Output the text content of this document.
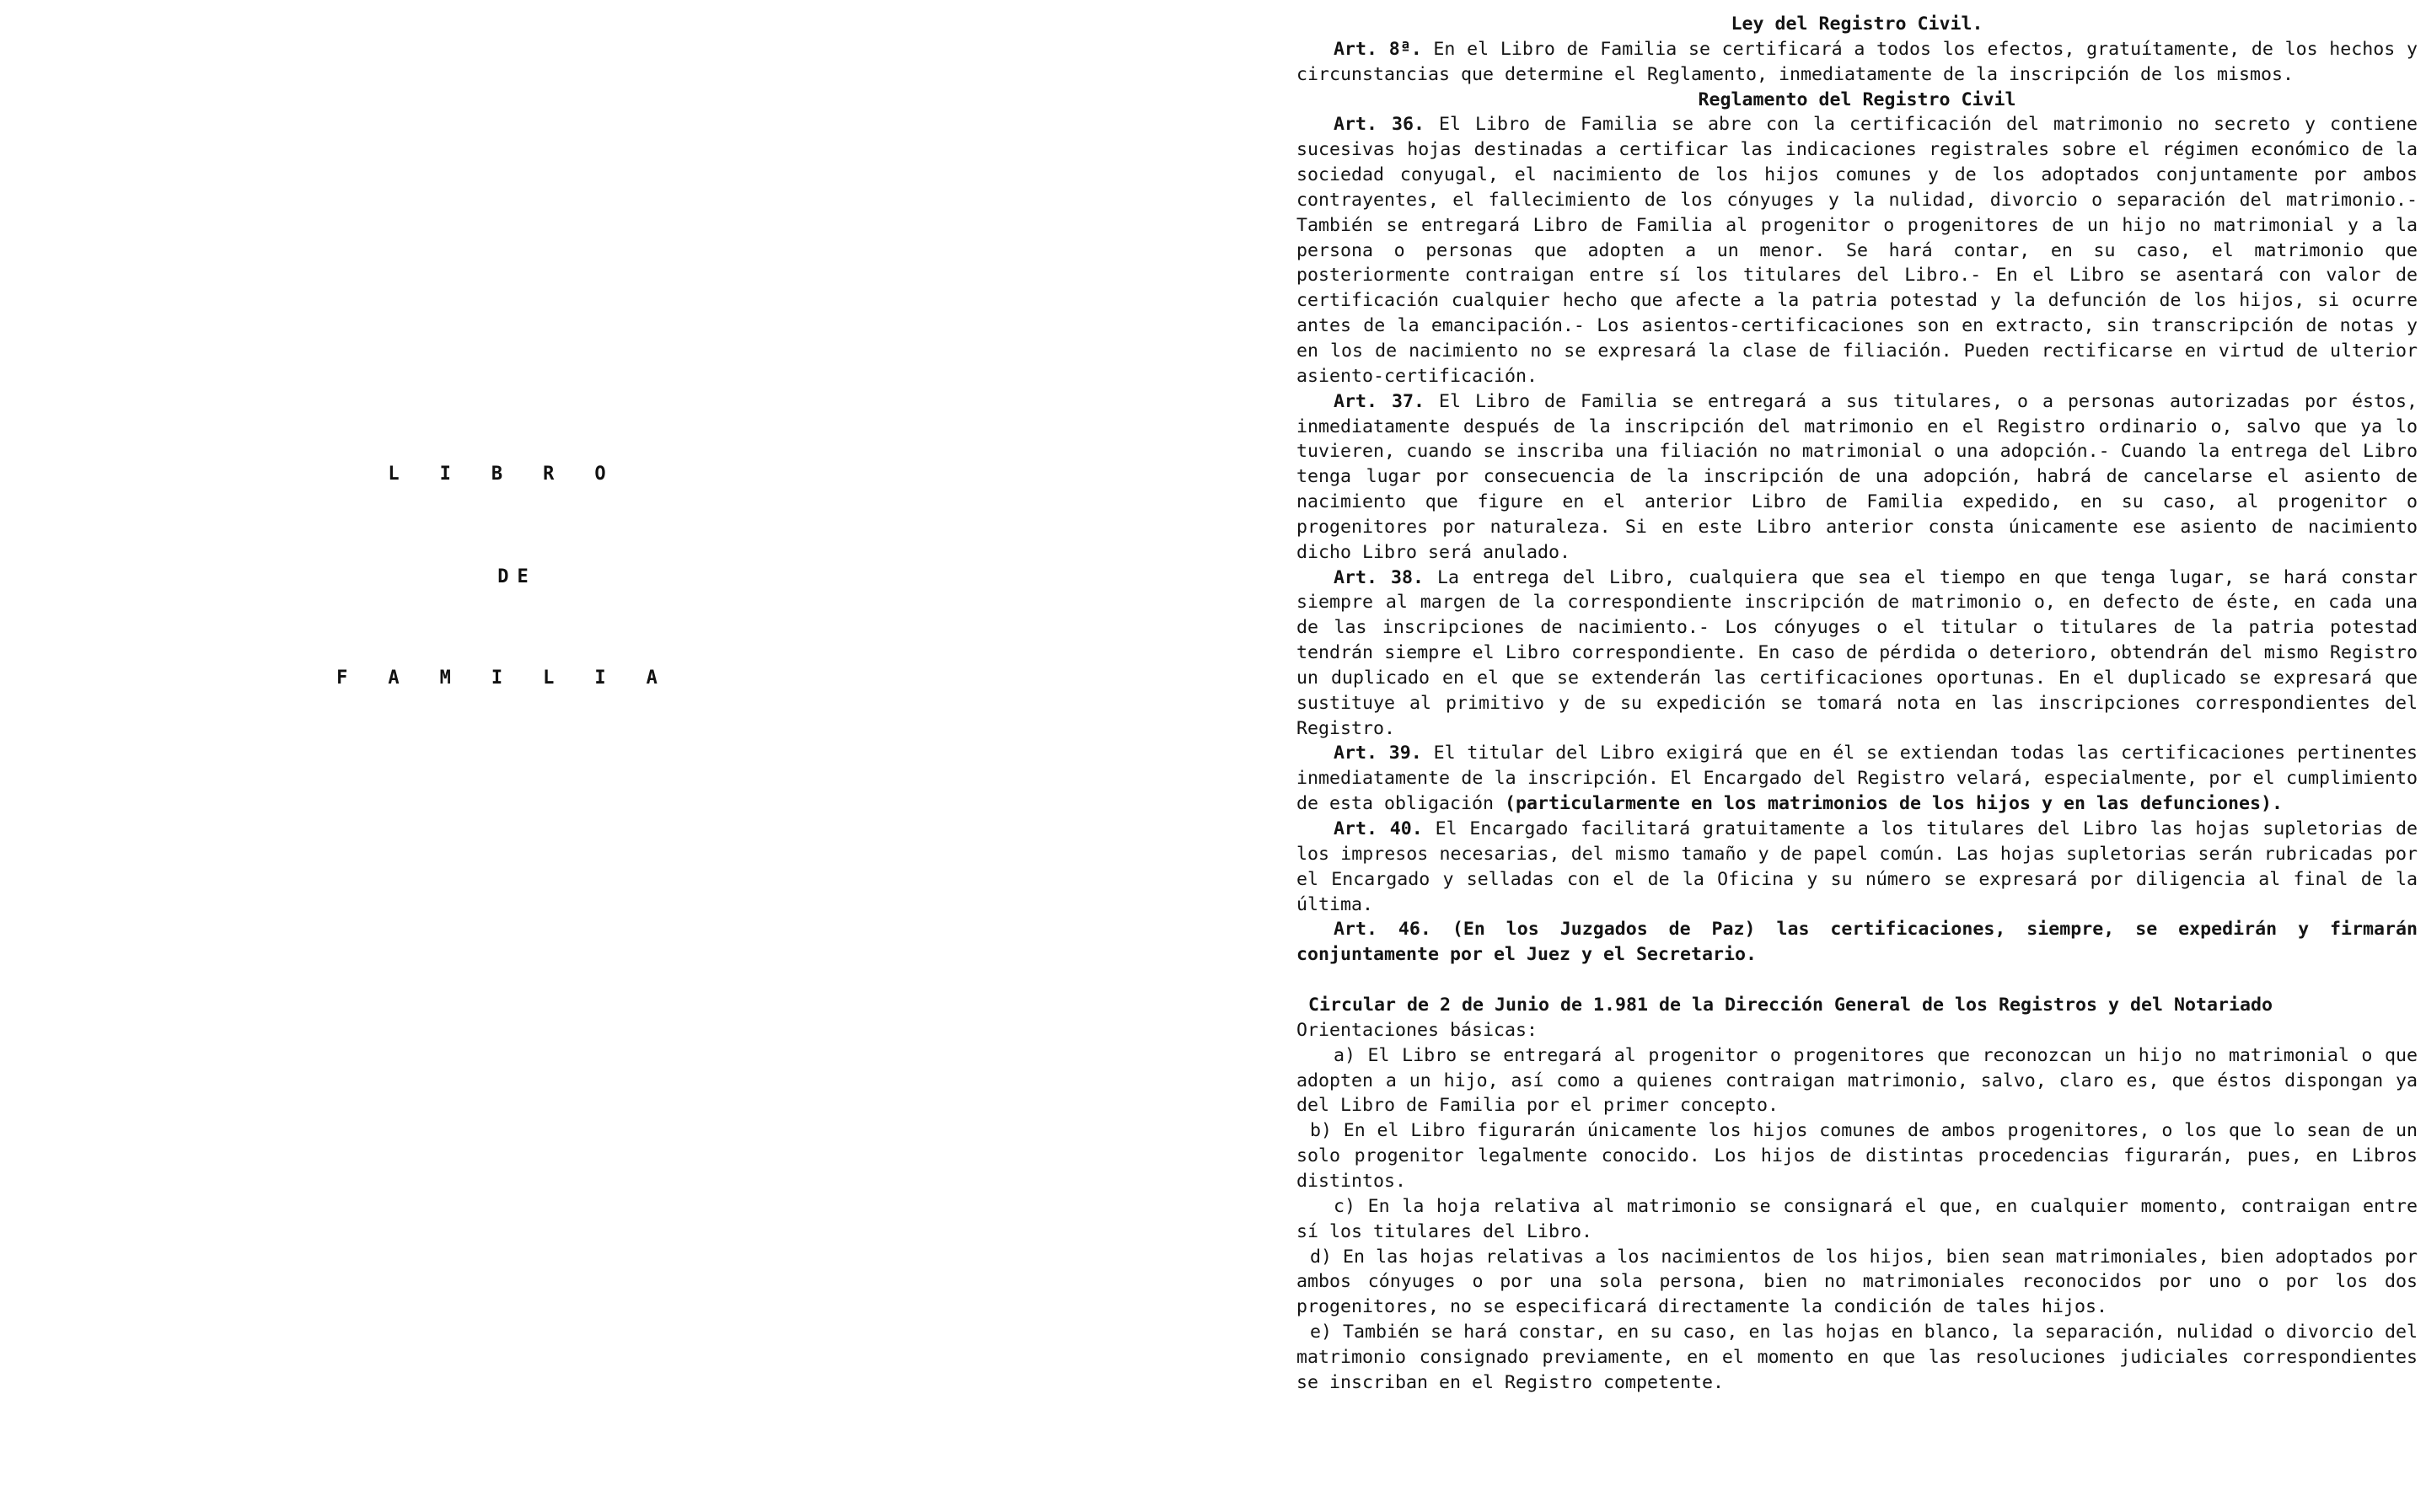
LIBRO
DE
FAMILIA

Ley del Registro Civil.

Art. 8ª. En el Libro de Familia se certificará a todos los efectos, gratuítamente, de los hechos y circunstancias que determine el Reglamento, inmediatamente de la inscripción de los mismos.

Reglamento del Registro Civil

Art. 36. El Libro de Familia se abre con la certificación del matrimonio no secreto y contiene sucesivas hojas destinadas a certificar las indicaciones registrales sobre el régimen económico de la sociedad conyugal, el nacimiento de los hijos comunes y de los adoptados conjuntamente por ambos contrayentes, el fallecimiento de los cónyuges y la nulidad, divorcio o separación del matrimonio.- También se entregará Libro de Familia al progenitor o progenitores de un hijo no matrimonial y a la persona o personas que adopten a un menor. Se hará contar, en su caso, el matrimonio que posteriormente contraigan entre sí los titulares del Libro.- En el Libro se asentará con valor de certificación cualquier hecho que afecte a la patria potestad y la defunción de los hijos, si ocurre antes de la emancipación.- Los asientos-certificaciones son en extracto, sin transcripción de notas y en los de nacimiento no se expresará la clase de filiación. Pueden rectificarse en virtud de ulterior asiento-certificación.

Art. 37. El Libro de Familia se entregará a sus titulares, o a personas autorizadas por éstos, inmediatamente después de la inscripción del matrimonio en el Registro ordinario o, salvo que ya lo tuvieren, cuando se inscriba una filiación no matrimonial o una adopción.- Cuando la entrega del Libro tenga lugar por consecuencia de la inscripción de una adopción, habrá de cancelarse el asiento de nacimiento que figure en el anterior Libro de Familia expedido, en su caso, al progenitor o progenitores por naturaleza. Si en este Libro anterior consta únicamente ese asiento de nacimiento dicho Libro será anulado.

Art. 38. La entrega del Libro, cualquiera que sea el tiempo en que tenga lugar, se hará constar siempre al margen de la correspondiente inscripción de matrimonio o, en defecto de éste, en cada una de las inscripciones de nacimiento.- Los cónyuges o el titular o titulares de la patria potestad tendrán siempre el Libro correspondiente. En caso de pérdida o deterioro, obtendrán del mismo Registro un duplicado en el que se extenderán las certificaciones oportunas. En el duplicado se expresará que sustituye al primitivo y de su expedición se tomará nota en las inscripciones correspondientes del Registro.

Art. 39. El titular del Libro exigirá que en él se extiendan todas las certificaciones pertinentes inmediatamente de la inscripción. El Encargado del Registro velará, especialmente, por el cumplimiento de esta obligación (particularmente en los matrimonios de los hijos y en las defunciones).

Art. 40. El Encargado facilitará gratuitamente a los titulares del Libro las hojas supletorias de los impresos necesarias, del mismo tamaño y de papel común. Las hojas supletorias serán rubricadas por el Encargado y selladas con el de la Oficina y su número se expresará por diligencia al final de la última.

Art. 46. (En los Juzgados de Paz) las certificaciones, siempre, se expedirán y firmarán conjuntamente por el Juez y el Secretario.

Circular de 2 de Junio de 1.981 de la Dirección General de los Registros y del Notariado

Orientaciones básicas:

a) El Libro se entregará al progenitor o progenitores que reconozcan un hijo no matrimonial o que adopten a un hijo, así como a quienes contraigan matrimonio, salvo, claro es, que éstos dispongan ya del Libro de Familia por el primer concepto.

b) En el Libro figurarán únicamente los hijos comunes de ambos progenitores, o los que lo sean de un solo progenitor legalmente conocido. Los hijos de distintas procedencias figurarán, pues, en Libros distintos.

c) En la hoja relativa al matrimonio se consignará el que, en cualquier momento, contraigan entre sí los titulares del Libro.

d) En las hojas relativas a los nacimientos de los hijos, bien sean matrimoniales, bien adoptados por ambos cónyuges o por una sola persona, bien no matrimoniales reconocidos por uno o por los dos progenitores, no se especificará directamente la condición de tales hijos.

e) También se hará constar, en su caso, en las hojas en blanco, la separación, nulidad o divorcio del matrimonio consignado previamente, en el momento en que las resoluciones judiciales correspondientes se inscriban en el Registro competente.
